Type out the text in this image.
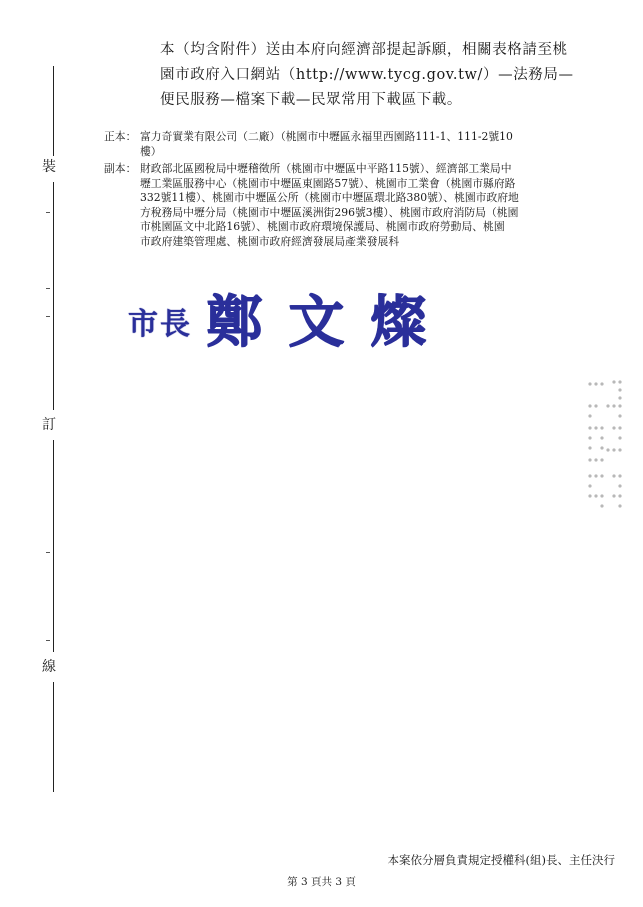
裝
訂
線
本（均含附件）送由本府向經濟部提起訴願，相關表格請至桃
園市政府入口網站（http://www.tycg.gov.tw/）—法務局—
便民服務—檔案下載—民眾常用下載區下載。
正本： 富力奇實業有限公司（二廠）（桃園市中壢區永福里西園路111-1、111-2號10
樓）
副本： 財政部北區國稅局中壢稽徵所（桃園市中壢區中平路115號）、經濟部工業局中
壢工業區服務中心（桃園市中壢區東園路57號）、桃園市工業會（桃園市縣府路
332號11樓）、桃園市中壢區公所（桃園市中壢區環北路380號）、桃園市政府地
方稅務局中壢分局（桃園市中壢區溪洲街296號3樓）、桃園市政府消防局（桃園
市桃園區文中北路16號）、桃園市政府環境保護局、桃園市政府勞動局、桃園
市政府建築管理處、桃園市政府經濟發展局產業發展科
市長 鄭文燦
本案依分層負責規定授權科(組)長、主任決行
第 3 頁共 3 頁
